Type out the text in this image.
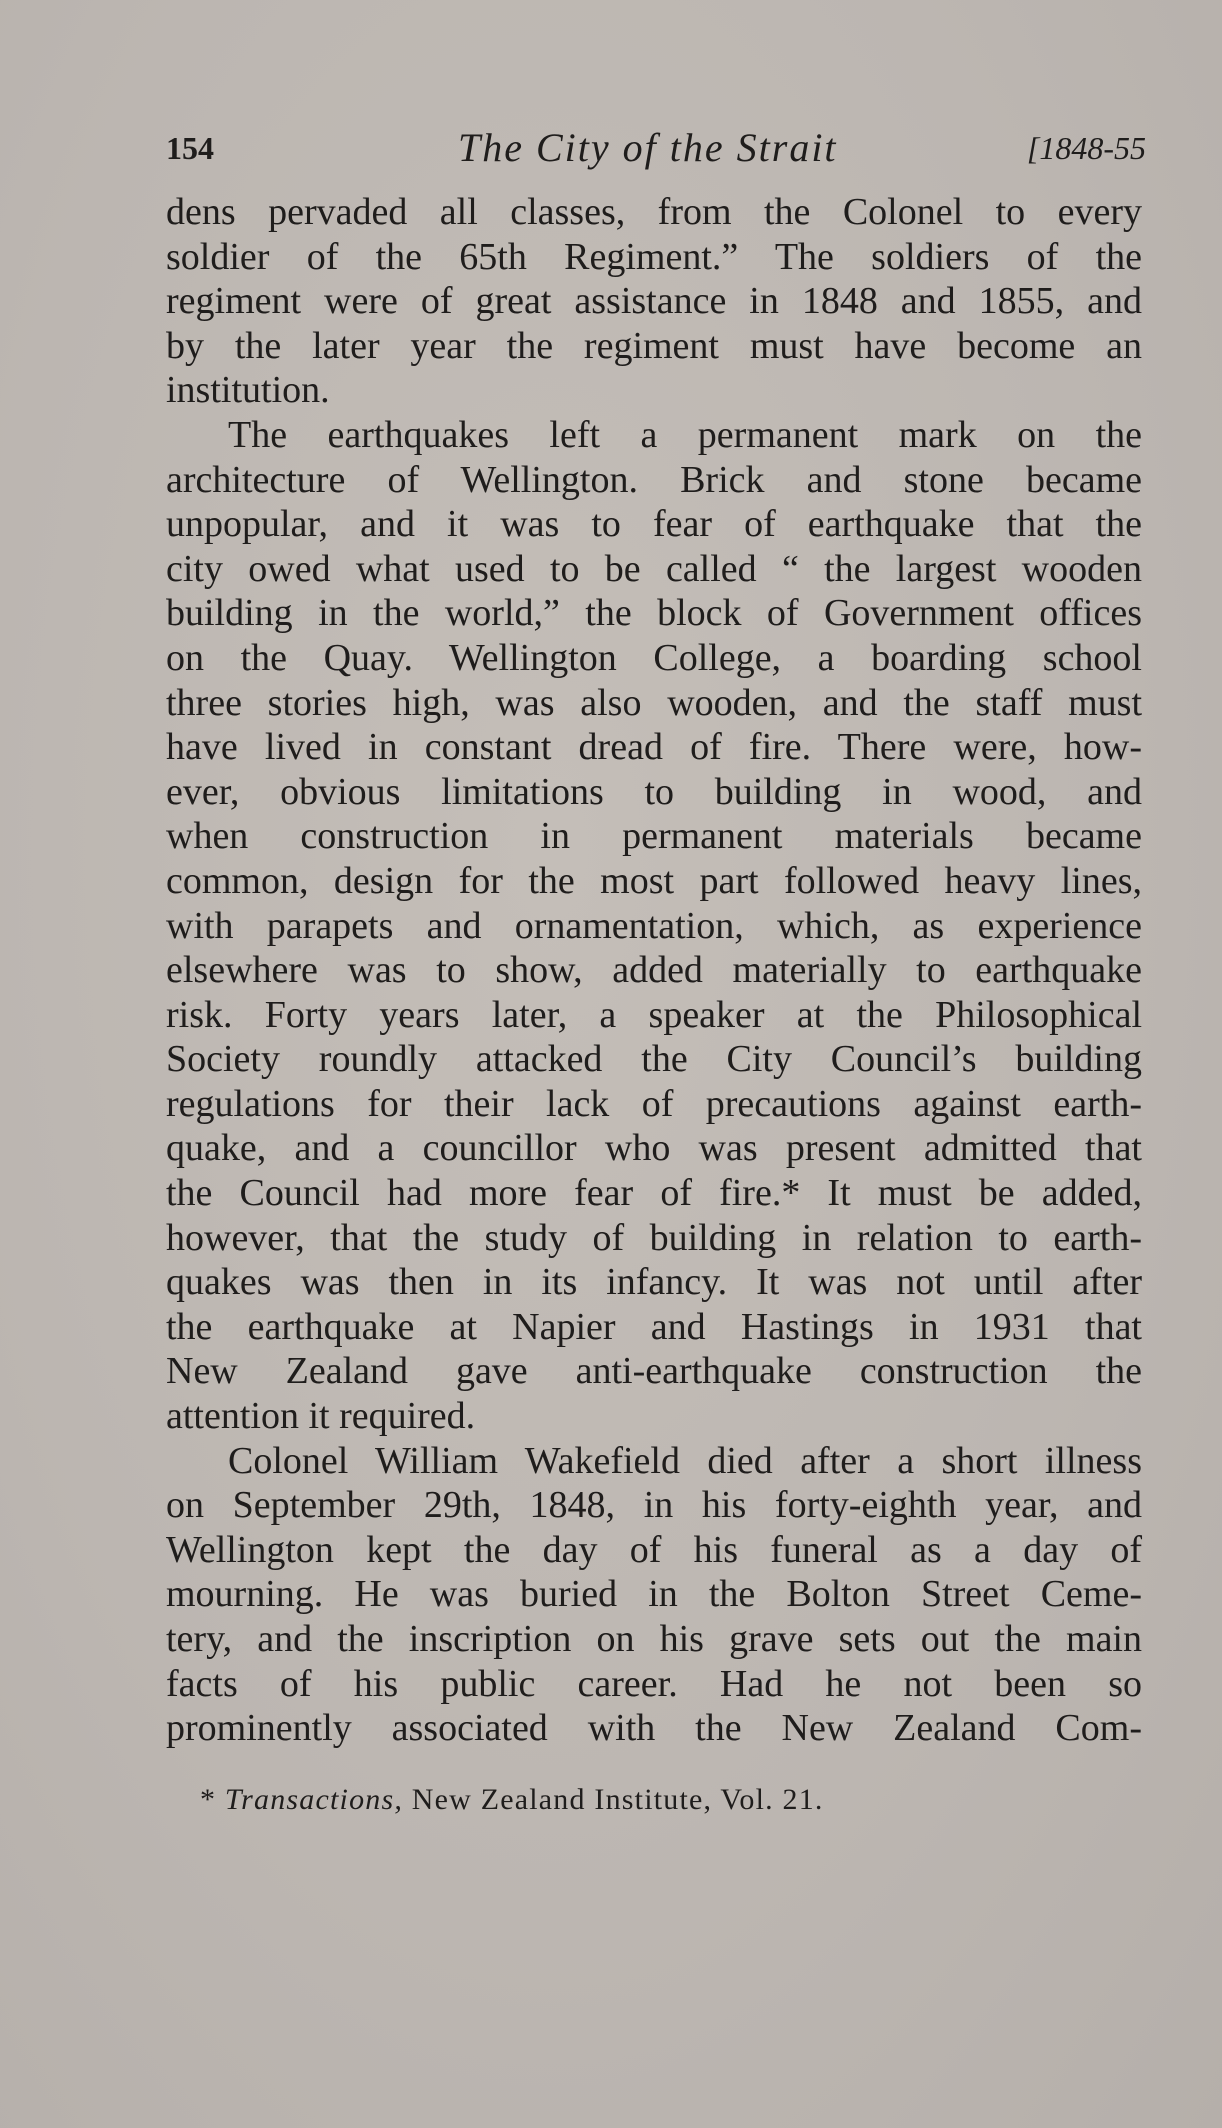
154	The City of the Strait	[1848-55
dens pervaded all classes, from the Colonel to every
soldier of the 65th Regiment.” The soldiers of the
regiment were of great assistance in 1848 and 1855, and
by the later year the regiment must have become an
institution.
The earthquakes left a permanent mark on the
architecture of Wellington. Brick and stone became
unpopular, and it was to fear of earthquake that the
city owed what used to be called “ the largest wooden
building in the world,” the block of Government offices
on the Quay. Wellington College, a boarding school
three stories high, was also wooden, and the staff must
have lived in constant dread of fire. There were, how-
ever, obvious limitations to building in wood, and
when construction in permanent materials became
common, design for the most part followed heavy lines,
with parapets and ornamentation, which, as experience
elsewhere was to show, added materially to earthquake
risk. Forty years later, a speaker at the Philosophical
Society roundly attacked the City Council’s building
regulations for their lack of precautions against earth-
quake, and a councillor who was present admitted that
the Council had more fear of fire.* It must be added,
however, that the study of building in relation to earth-
quakes was then in its infancy. It was not until after
the earthquake at Napier and Hastings in 1931 that
New Zealand gave anti-earthquake construction the
attention it required.
Colonel William Wakefield died after a short illness
on September 29th, 1848, in his forty-eighth year, and
Wellington kept the day of his funeral as a day of
mourning. He was buried in the Bolton Street Ceme-
tery, and the inscription on his grave sets out the main
facts of his public career. Had he not been so
prominently associated with the New Zealand Com-
* Transactions, New Zealand Institute, Vol. 21.
